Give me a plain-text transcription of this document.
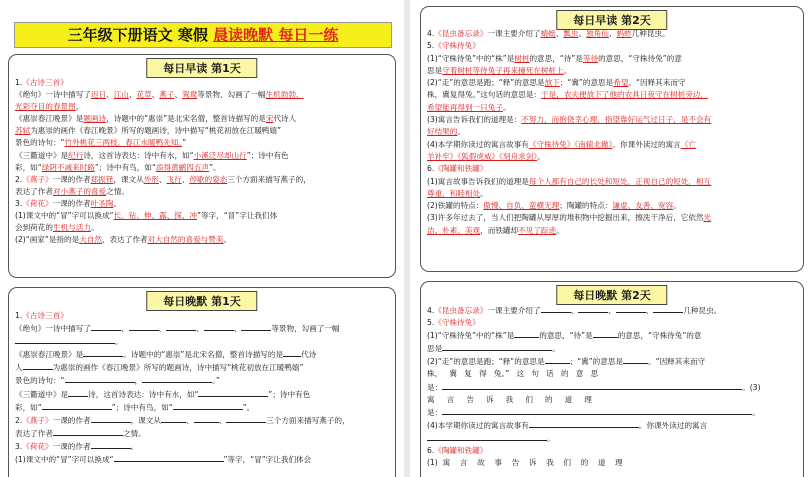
三年级下册语文 寒假 晨读晚默 每日一练
每日早读 第1天
1.《古诗三首》
《绝句》一诗中描写了迟日、江山、花草、燕子、鸳鸯等景物，勾画了一幅生机勃勃、
光彩夺目的春景图。
《惠崇春江晚景》是题画诗，诗题中的“惠崇”是北宋名僧，整首诗描写的是宋代诗人
苏轼为惠崇的画作《春江晚景》所写的题画诗，诗中描写“桃花初放在江暖鸭嬉”
景色的诗句：“竹外桃花三两枝，春江水暖鸭先知。”
《三衢道中》是纪行诗，这首诗表达：诗中有水，如“小溪泛尽却山行”；诗中有色
彩，如“绿阴不减来时路”；诗中有鸟，如“添得黄鹂四五声”。
2.《燕子》一课的作者郑振铎，课文从外形、飞行、停歇的姿态三个方面来描写燕子的，
表达了作者对小燕子的喜爱之情。
3.《荷花》一课的作者叶圣陶。
(1)课文中的“冒”字可以换成“长、钻、伸、露、探、冲”等字，“冒”字让我们体
会到荷花的生机与活力。
(2)“画家”是指的是大自然，表达了作者对大自然的喜爱与赞美。
每日晚默 第1天
1.《古诗三首》
《绝句》一诗中描写了	、	、	、	、	等景物，勾画了一幅
。
《惠崇春江晚景》是	。诗题中的“惠崇”是北宋名僧，整首诗描写的是 代诗
人	为惠崇的画作《春江晚景》所写的题画诗，诗中描写“桃花初放在江暖鸭嬉”
景色的诗句：“	，	。”
《三衢道中》是	诗，这首诗表达：诗中有水，如“	”；诗中有色
彩，如“	”；诗中有鸟，如“	”。
2.《燕子》一课的作者	，课文从	、	、	三个方面来描写燕子的，
表达了作者	之情。
3.《荷花》一课的作者	。
(1)课文中的“冒”字可以换成“	”等字，“冒”字让我们体会
每日早读 第2天
4.《昆虫备忘录》一课主要介绍了蜻蜓、瓢虫、独角仙、蚂蚱几种昆虫。
5.《守株待兔》
(1)“守株待兔”中的“株”是树桩的意思，“待”是等待的意思，“守株待兔”的意
思是守着树桩等待兔子再来撞死在树桩上。
(2)“走”的意思是跑；“释”的意思是放下；“冀”的意思是希望。“因释其耒而守
株，冀复得兔。”这句话的意思是：于是，农夫便放下了他的农具日夜守在树桩旁边，
希望能再得到一只兔子。
(3)寓言告诉我们的道理是：不努力，而抱侥幸心理，指望靠好运气过日子，是不会有
好结果的。
(4)本学期你读过的寓言故事有《守株待兔》《南辕北辙》。你课外读过的寓言《亡
羊补牢》《狐假虎威》《刻舟求剑》。
6.《陶罐和铁罐》
(1)寓言故事告诉我们的道理是每个人都有自己的长处和短处，正视自己的短处，相互
尊重，和睦相处。
(2)铁罐的特点：傲慢、自负、蛮横无理；陶罐的特点：谦虚、友善、宽容。
(3)许多年过去了，当人们把陶罐从厚厚的堆积物中挖掘出来，擦洗干净后，它依然光
洁、朴素、美观，而铁罐却不见了踪迹。
每日晚默 第2天
4.《昆虫备忘录》一课主要介绍了	、	、	、	几种昆虫。
5.《守株待兔》
(1)“守株待兔”中的“株”是	的意思，“待”是	的意思，“守株待兔”的意
思是	。
(2)“走”的意思是跑；“释”的意思是	；“冀”的意思是	。“因释其耒而守
株，   冀   复   得   兔。”   这   句   话   的   意   思
是：	。(3)
寓     言     告     诉     我     们     的     道     理
是：	。
(4)本学期你读过的寓言故事有	。你课外读过的寓言
。
6.《陶罐和铁罐》
(1)  寓    言    故    事    告    诉    我    们    的    道    理
